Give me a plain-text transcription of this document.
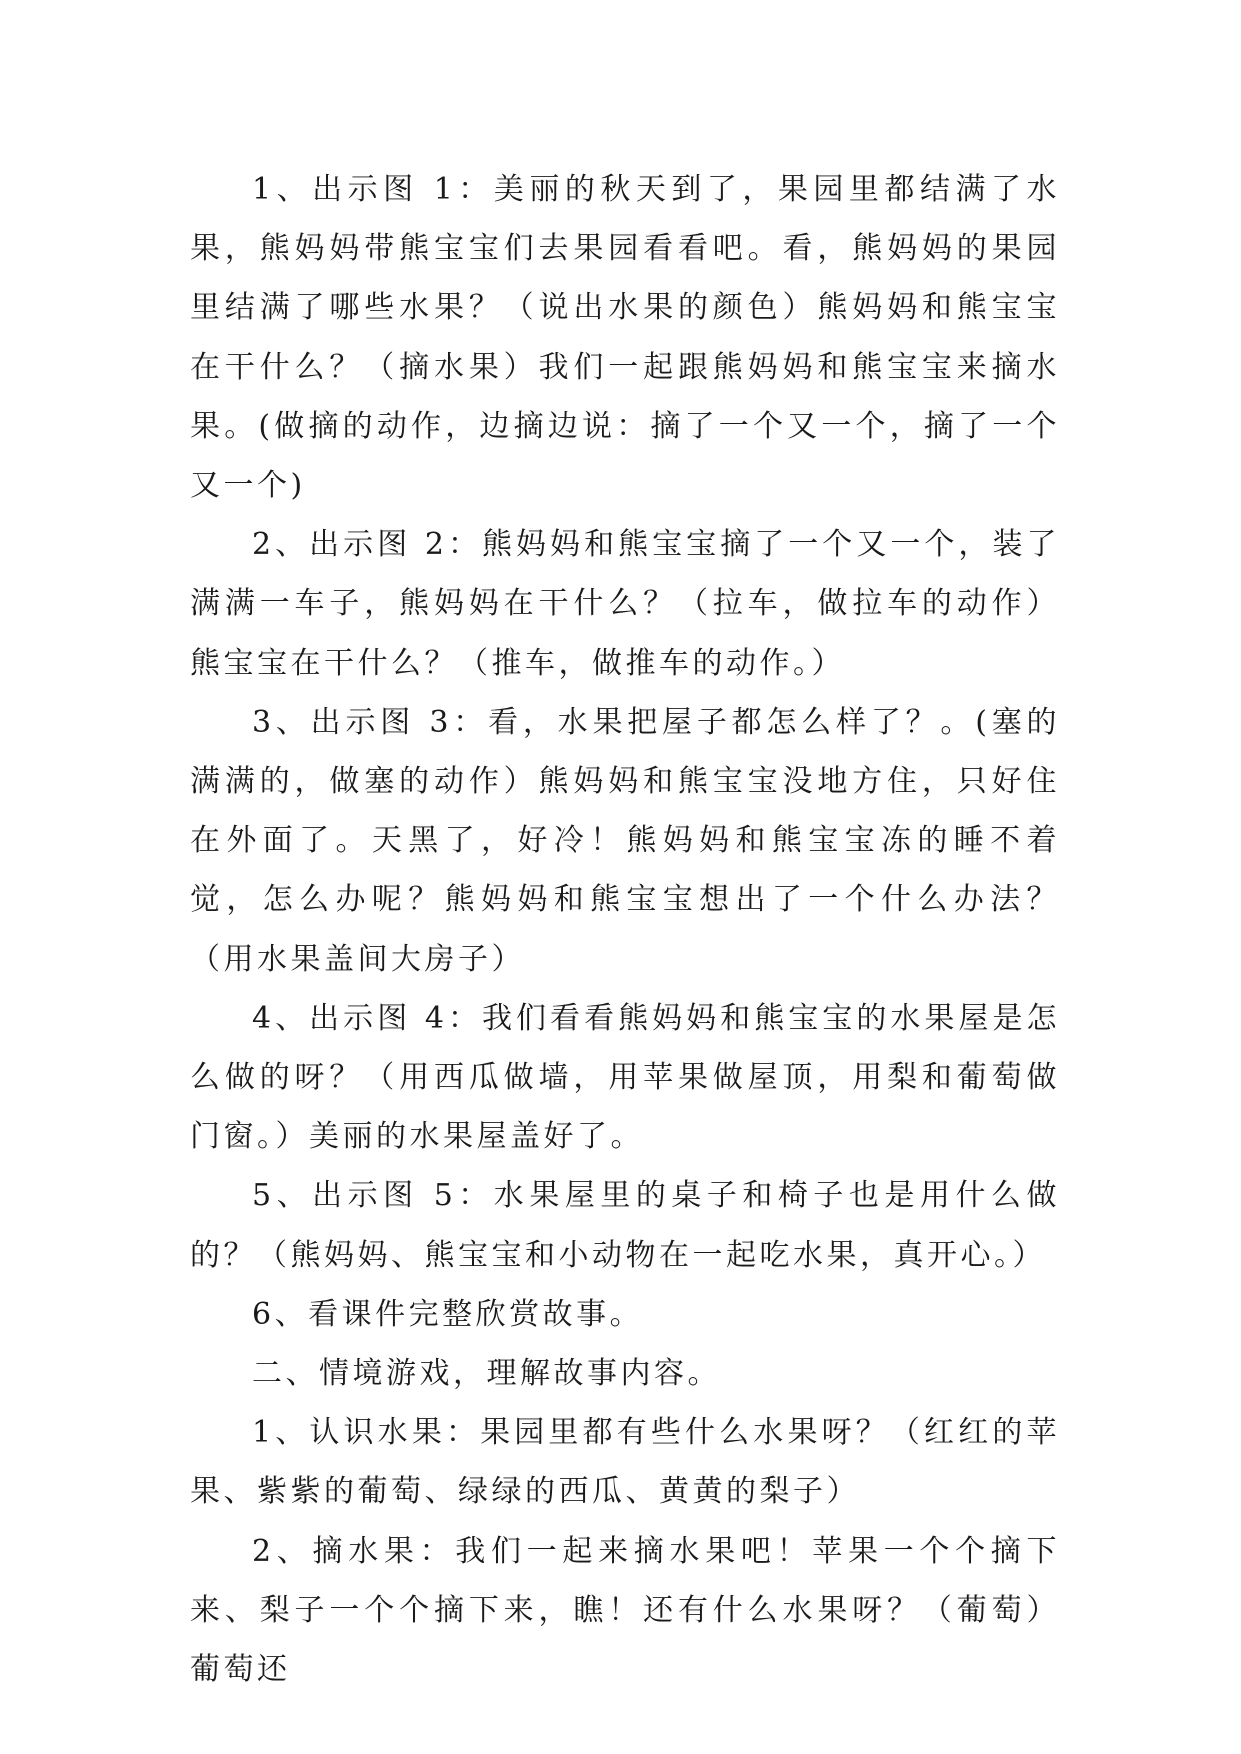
1、出示图 1：美丽的秋天到了，果园里都结满了水果，熊妈妈带熊宝宝们去果园看看吧。看，熊妈妈的果园里结满了哪些水果？（说出水果的颜色）熊妈妈和熊宝宝在干什么？（摘水果）我们一起跟熊妈妈和熊宝宝来摘水果。(做摘的动作，边摘边说：摘了一个又一个，摘了一个又一个)

2、出示图 2：熊妈妈和熊宝宝摘了一个又一个，装了满满一车子，熊妈妈在干什么？（拉车，做拉车的动作）熊宝宝在干什么？（推车，做推车的动作。）

3、出示图 3：看，水果把屋子都怎么样了？。(塞的满满的，做塞的动作）熊妈妈和熊宝宝没地方住，只好住在外面了。天黑了，好冷！熊妈妈和熊宝宝冻的睡不着觉，怎么办呢？熊妈妈和熊宝宝想出了一个什么办法？（用水果盖间大房子）

4、出示图 4：我们看看熊妈妈和熊宝宝的水果屋是怎么做的呀？（用西瓜做墙，用苹果做屋顶，用梨和葡萄做门窗。）美丽的水果屋盖好了。

5、出示图 5：水果屋里的桌子和椅子也是用什么做的？（熊妈妈、熊宝宝和小动物在一起吃水果，真开心。）

6、看课件完整欣赏故事。

二、情境游戏，理解故事内容。

1、认识水果：果园里都有些什么水果呀？（红红的苹果、紫紫的葡萄、绿绿的西瓜、黄黄的梨子）

2、摘水果：我们一起来摘水果吧！苹果一个个摘下来、梨子一个个摘下来，瞧！还有什么水果呀？（葡萄）葡萄还
